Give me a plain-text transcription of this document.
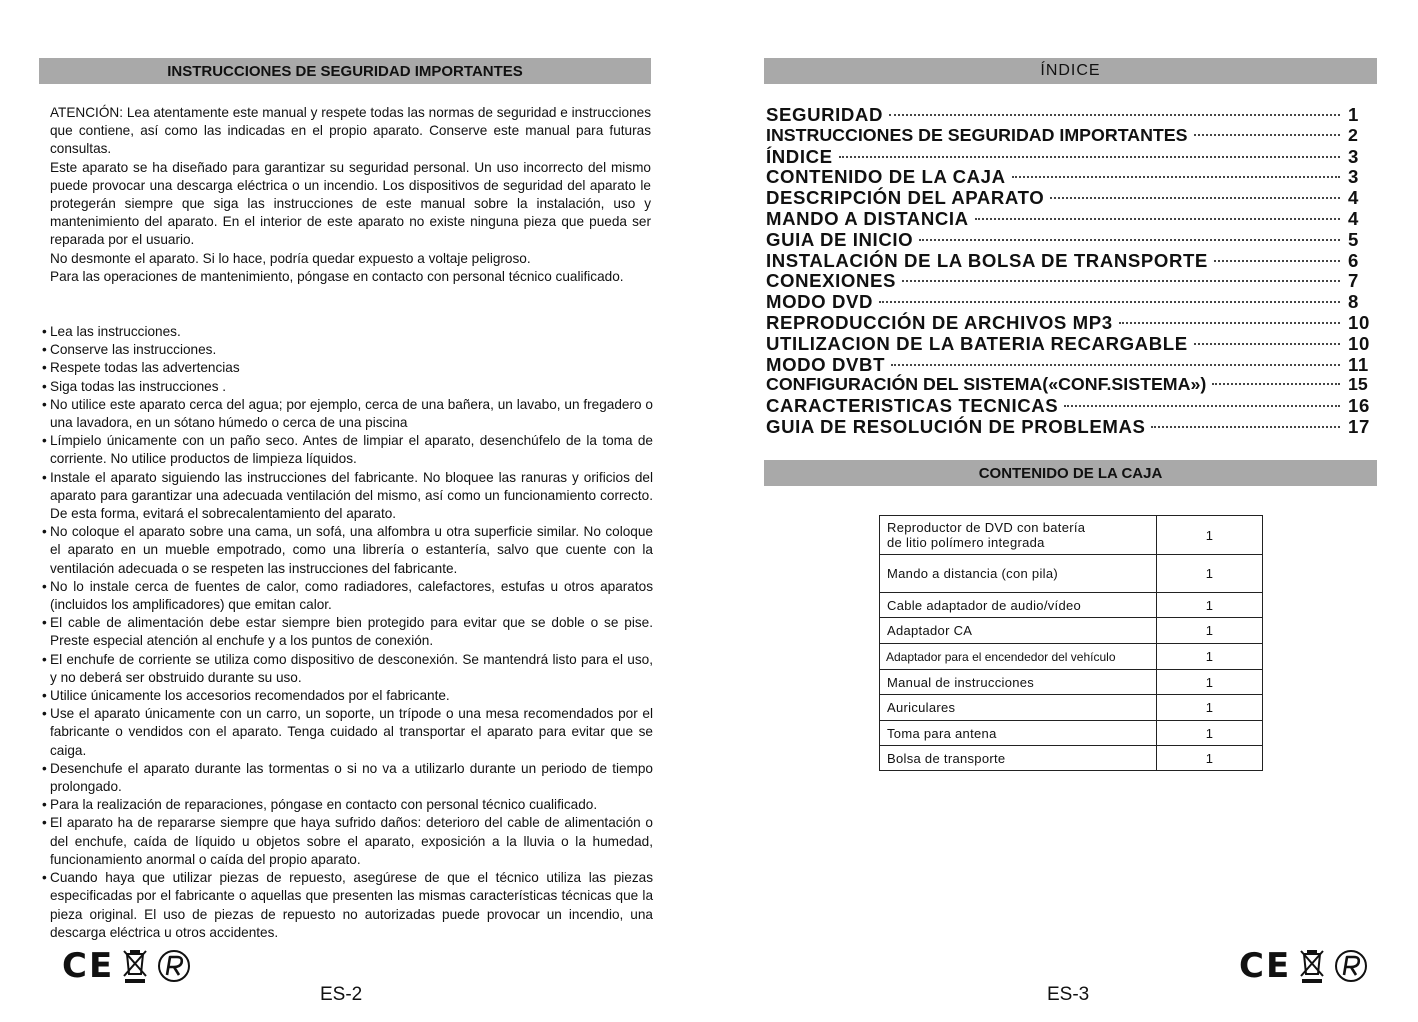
INSTRUCCIONES DE SEGURIDAD IMPORTANTES

ATENCIÓN: Lea atentamente este manual y respete todas las normas de seguridad e instrucciones que contiene, así como las indicadas en el propio aparato. Conserve este manual para futuras consultas.

Este aparato se ha diseñado para garantizar su seguridad personal. Un uso incorrecto del mismo puede provocar una descarga eléctrica o un incendio. Los dispositivos de seguridad del aparato le protegerán siempre que siga las instrucciones de este manual sobre la instalación, uso y mantenimiento del aparato. En el interior de este aparato no existe ninguna pieza que pueda ser reparada por el usuario.

No desmonte el aparato. Si lo hace, podría quedar expuesto a voltaje peligroso.

Para las operaciones de mantenimiento, póngase en contacto con personal técnico cualificado.

• Lea las instrucciones.
• Conserve las instrucciones.
• Respete todas las advertencias
• Siga todas las instrucciones .
• No utilice este aparato cerca del agua; por ejemplo, cerca de una bañera, un lavabo, un fregadero o una lavadora, en un sótano húmedo o cerca de una piscina
• Límpielo únicamente con un paño seco. Antes de limpiar el aparato, desenchúfelo de la toma de corriente. No utilice productos de limpieza líquidos.
• Instale el aparato siguiendo las instrucciones del fabricante. No bloquee las ranuras y orificios del aparato para garantizar una adecuada ventilación del mismo, así como un funcionamiento correcto. De esta forma, evitará el sobrecalentamiento del aparato.
• No coloque el aparato sobre una cama, un sofá, una alfombra u otra superficie similar. No coloque el aparato en un mueble empotrado, como una librería o estantería, salvo que cuente con la ventilación adecuada o se respeten las instrucciones del fabricante.
• No lo instale cerca de fuentes de calor, como radiadores, calefactores, estufas u otros aparatos (incluidos los amplificadores) que emitan calor.
• El cable de alimentación debe estar siempre bien protegido para evitar que se doble o se pise. Preste especial atención al enchufe y a los puntos de conexión.
• El enchufe de corriente se utiliza como dispositivo de desconexión. Se mantendrá listo para el uso, y no deberá ser obstruido durante su uso.
• Utilice únicamente los accesorios recomendados por el fabricante.
• Use el aparato únicamente con un carro, un soporte, un trípode o una mesa recomendados por el fabricante o vendidos con el aparato. Tenga cuidado al transportar el aparato para evitar que se caiga.
• Desenchufe el aparato durante las tormentas o si no va a utilizarlo durante un periodo de tiempo prolongado.
• Para la realización de reparaciones, póngase en contacto con personal técnico cualificado.
• El aparato ha de repararse siempre que haya sufrido daños: deterioro del cable de alimentación o del enchufe, caída de líquido u objetos sobre el aparato, exposición a la lluvia o la humedad, funcionamiento anormal o caída del propio aparato.
• Cuando haya que utilizar piezas de repuesto, asegúrese de que el técnico utiliza las piezas especificadas por el fabricante o aquellas que presenten las mismas características técnicas que la pieza original. El uso de piezas de repuesto no autorizadas puede provocar un incendio, una descarga eléctrica u otros accidentes.
CE
ES-2
ÍNDICE
SEGURIDAD	1
INSTRUCCIONES DE SEGURIDAD IMPORTANTES	2
ÍNDICE	3
CONTENIDO DE LA CAJA	3
DESCRIPCIÓN DEL APARATO	4
MANDO A DISTANCIA	4
GUIA DE INICIO	5
INSTALACIÓN DE LA BOLSA DE TRANSPORTE	6
CONEXIONES	7
MODO DVD	8
REPRODUCCIÓN DE ARCHIVOS MP3	10
UTILIZACION DE LA BATERIA RECARGABLE	10
MODO DVBT	11
CONFIGURACIÓN DEL SISTEMA(«CONF.SISTEMA»)	15
CARACTERISTICAS TECNICAS	16
GUIA DE RESOLUCIÓN DE PROBLEMAS	17
CONTENIDO DE LA CAJA
Reproductor de DVD con batería
de litio polímero integrada	1
Mando a distancia (con pila)	1
Cable adaptador de audio/vídeo	1
Adaptador CA	1
Adaptador para el encendedor del vehículo	1
Manual de instrucciones	1
Auriculares	1
Toma para antena	1
Bolsa de transporte	1
CE
ES-3
